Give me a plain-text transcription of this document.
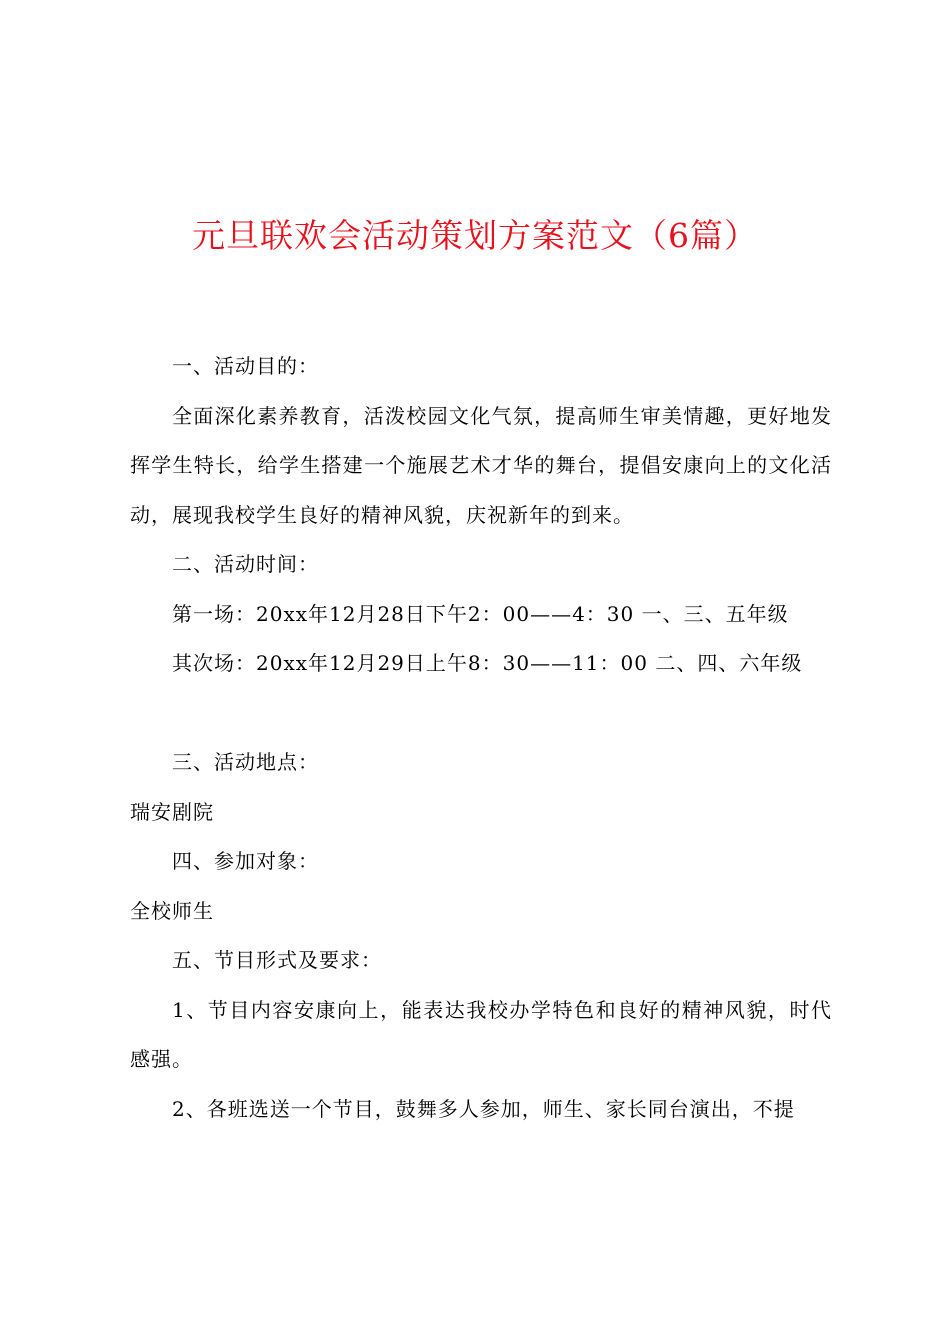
元旦联欢会活动策划方案范文（6篇）

一、活动目的：

全面深化素养教育，活泼校园文化气氛，提高师生审美情趣，更好地发挥学生特长，给学生搭建一个施展艺术才华的舞台，提倡安康向上的文化活动，展现我校学生良好的精神风貌，庆祝新年的到来。

二、活动时间：

第一场：20xx年12月28日下午2：00——4：30 一、三、五年级

其次场：20xx年12月29日上午8：30——11：00 二、四、六年级

三、活动地点：

瑞安剧院

四、参加对象：

全校师生

五、节目形式及要求：

1、节目内容安康向上，能表达我校办学特色和良好的精神风貌，时代感强。

2、各班选送一个节目，鼓舞多人参加，师生、家长同台演出，不提
